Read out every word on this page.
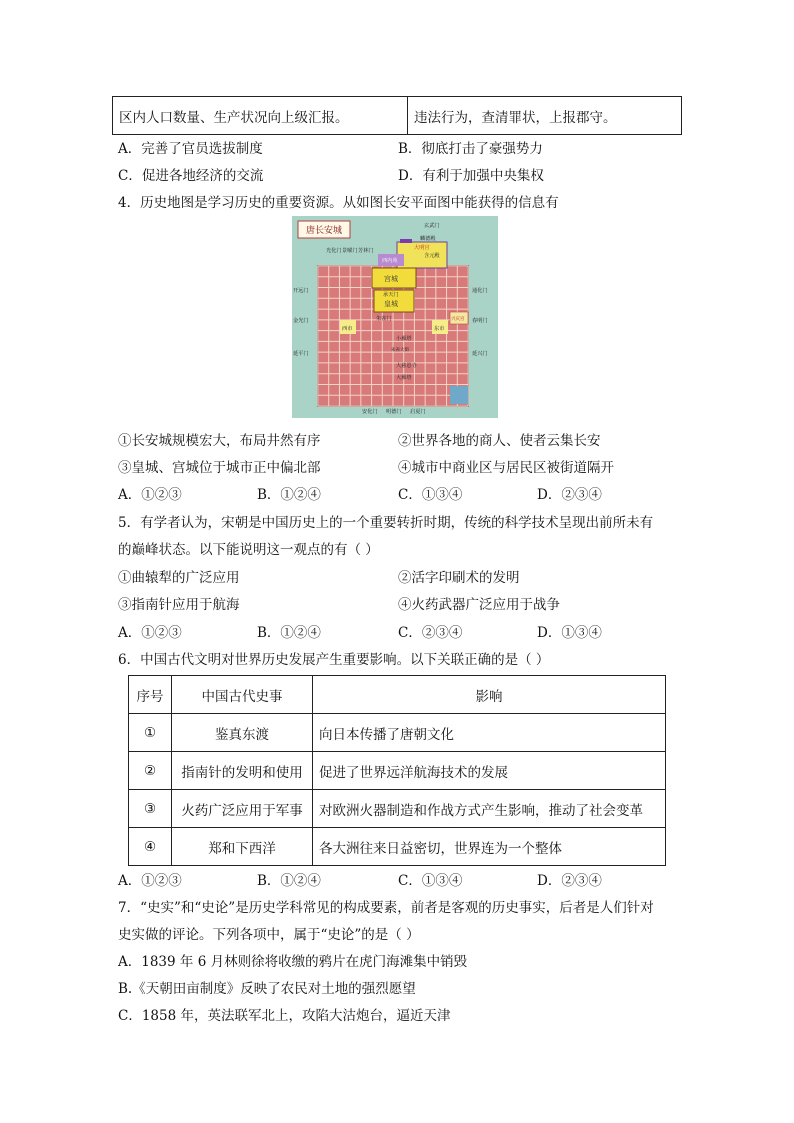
区内人口数量、生产状况向上级汇报。	违法行为，查清罪状，上报郡守。
A．完善了官员选拔制度	B．彻底打击了豪强势力
C．促进各地经济的交流	D．有利于加强中央集权
4．历史地图是学习历史的重要资源。从如图长安平面图中能获得的信息有
唐长安城	玄武门
麟德殿
大明宫
含元殿
西内苑
宫城
承天门
皇城
朱雀门
西市	东市
兴庆宫
小雁塔
大慈恩寺
大雁塔
开远门
金光门
延平门
通化门
春明门
延兴门
安化门 明德门 启夏门
光化门 景曜门 芳林门
朱雀大街
①长安城规模宏大，布局井然有序	②世界各地的商人、使者云集长安
③皇城、宫城位于城市正中偏北部	④城市中商业区与居民区被街道隔开
A．①②③	B．①②④	C．①③④	D．②③④
5．有学者认为，宋朝是中国历史上的一个重要转折时期，传统的科学技术呈现出前所未有
的巅峰状态。以下能说明这一观点的有（ ）
①曲辕犁的广泛应用	②活字印刷术的发明
③指南针应用于航海	④火药武器广泛应用于战争
A．①②③	B．①②④	C．②③④	D．①③④
6．中国古代文明对世界历史发展产生重要影响。以下关联正确的是（ ）
序号	中国古代史事	影响
①	鉴真东渡	向日本传播了唐朝文化
②	指南针的发明和使用	促进了世界远洋航海技术的发展
③	火药广泛应用于军事	对欧洲火器制造和作战方式产生影响，推动了社会变革
④	郑和下西洋	各大洲往来日益密切，世界连为一个整体
A．①②③	B．①②④	C．①③④	D．②③④
7．“史实”和“史论”是历史学科常见的构成要素，前者是客观的历史事实，后者是人们针对
史实做的评论。下列各项中，属于“史论”的是（ ）
A．1839 年 6 月林则徐将收缴的鸦片在虎门海滩集中销毁
B.《天朝田亩制度》反映了农民对土地的强烈愿望
C．1858 年，英法联军北上，攻陷大沽炮台，逼近天津
